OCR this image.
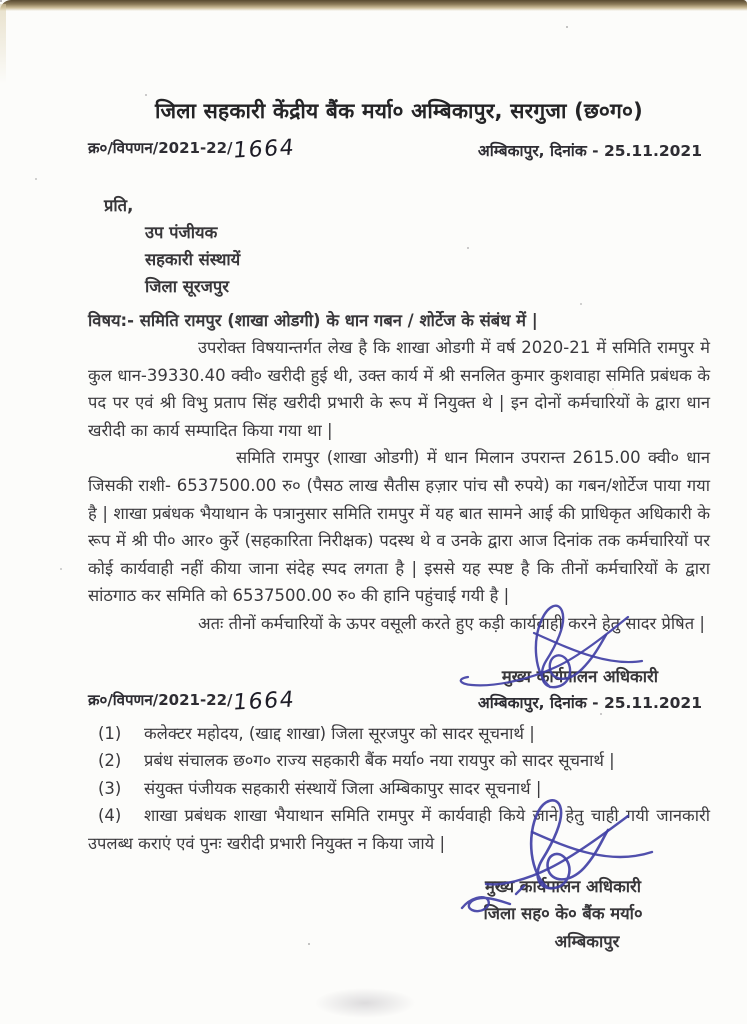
जिला सहकारी केंद्रीय बैंक मर्या० अम्बिकापुर, सरगुजा (छ०ग०)
क्र०/विपणन/2021-22/1664	अम्बिकापुर, दिनांक - 25.11.2021
प्रति,
उप पंजीयक
सहकारी संस्थायें
जिला सूरजपुर
विषय:- समिति रामपुर (शाखा ओडगी) के धान गबन / शोर्टेज के संबंध में |

उपरोक्त विषयान्तर्गत लेख है कि शाखा ओडगी में वर्ष 2020-21 में समिति रामपुर मे कुल धान-39330.40 क्वी० खरीदी हुई थी, उक्त कार्य में श्री सनलित कुमार कुशवाहा समिति प्रबंधक के पद पर एवं श्री विभु प्रताप सिंह खरीदी प्रभारी के रूप में नियुक्त थे | इन दोनों कर्मचारियों के द्वारा धान खरीदी का कार्य सम्पादित किया गया था |

समिति रामपुर (शाखा ओडगी) में धान मिलान उपरान्त 2615.00 क्वी० धान जिसकी राशी- 6537500.00 रु० (पैसठ लाख सैतीस हज़ार पांच सौ रुपये) का गबन/शोर्टेज पाया गया है | शाखा प्रबंधक भैयाथान के पत्रानुसार समिति रामपुर में यह बात सामने आई की प्राधिकृत अधिकारी के रूप में श्री पी० आर० कुर्रे (सहकारिता निरीक्षक) पदस्थ थे व उनके द्वारा आज दिनांक तक कर्मचारियों पर कोई कार्यवाही नहीं कीया जाना संदेह स्पद लगता है | इससे यह स्पष्ट है कि तीनों कर्मचारियों के द्वारा सांठगाठ कर समिति को 6537500.00 रु० की हानि पहुंचाई गयी है |

अतः तीनों कर्मचारियों के ऊपर वसूली करते हुए कड़ी कार्यवाही करने हेतु सादर प्रेषित |

मुख्य कार्यपालन अधिकारी
क्र०/विपणन/2021-22/1664	अम्बिकापुर, दिनांक - 25.11.2021
(1) कलेक्टर महोदय, (खाद्द शाखा) जिला सूरजपुर को सादर सूचनार्थ |
(2) प्रबंध संचालक छ०ग० राज्य सहकारी बैंक मर्या० नया रायपुर को सादर सूचनार्थ |
(3) संयुक्त पंजीयक सहकारी संस्थायें जिला अम्बिकापुर सादर सूचनार्थ |
(4) शाखा प्रबंधक शाखा भैयाथान समिति रामपुर में कार्यवाही किये जाने हेतु चाही गयी जानकारी उपलब्ध कराएं एवं पुनः खरीदी प्रभारी नियुक्त न किया जाये |
मुख्य कार्यपालन अधिकारी
जिला सह० के० बैंक मर्या०
अम्बिकापुर
